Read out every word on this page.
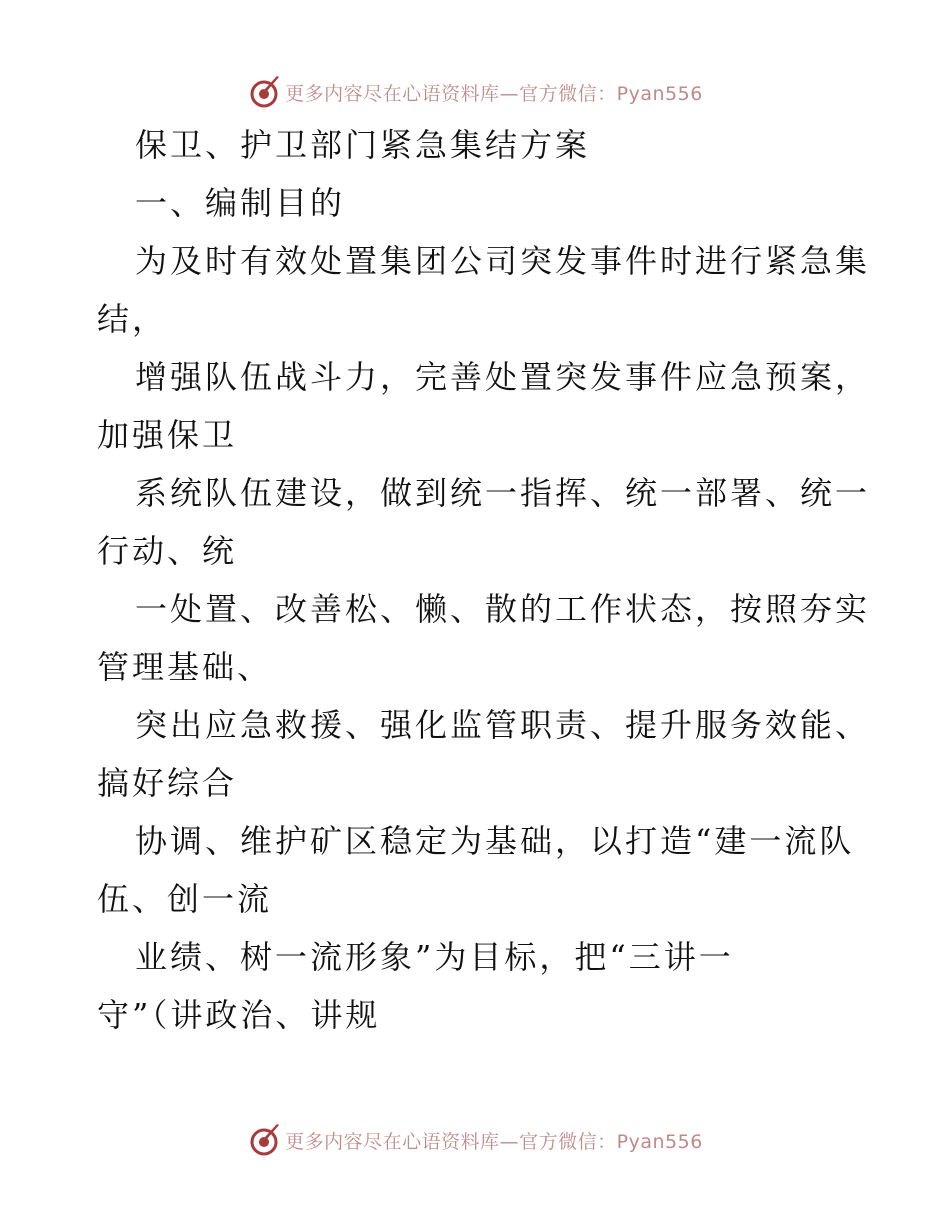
更多内容尽在心语资料库—官方微信：Pyan556
保卫、护卫部门紧急集结方案
一、编制目的
为及时有效处置集团公司突发事件时进行紧急集
结，
增强队伍战斗力，完善处置突发事件应急预案，
加强保卫
系统队伍建设，做到统一指挥、统一部署、统一
行动、统
一处置、改善松、懒、散的工作状态，按照夯实
管理基础、
突出应急救援、强化监管职责、提升服务效能、
搞好综合
协调、维护矿区稳定为基础，以打造“建一流队
伍、创一流
业绩、树一流形象”为目标，把“三讲一
守”（讲政治、讲规
更多内容尽在心语资料库—官方微信：Pyan556
